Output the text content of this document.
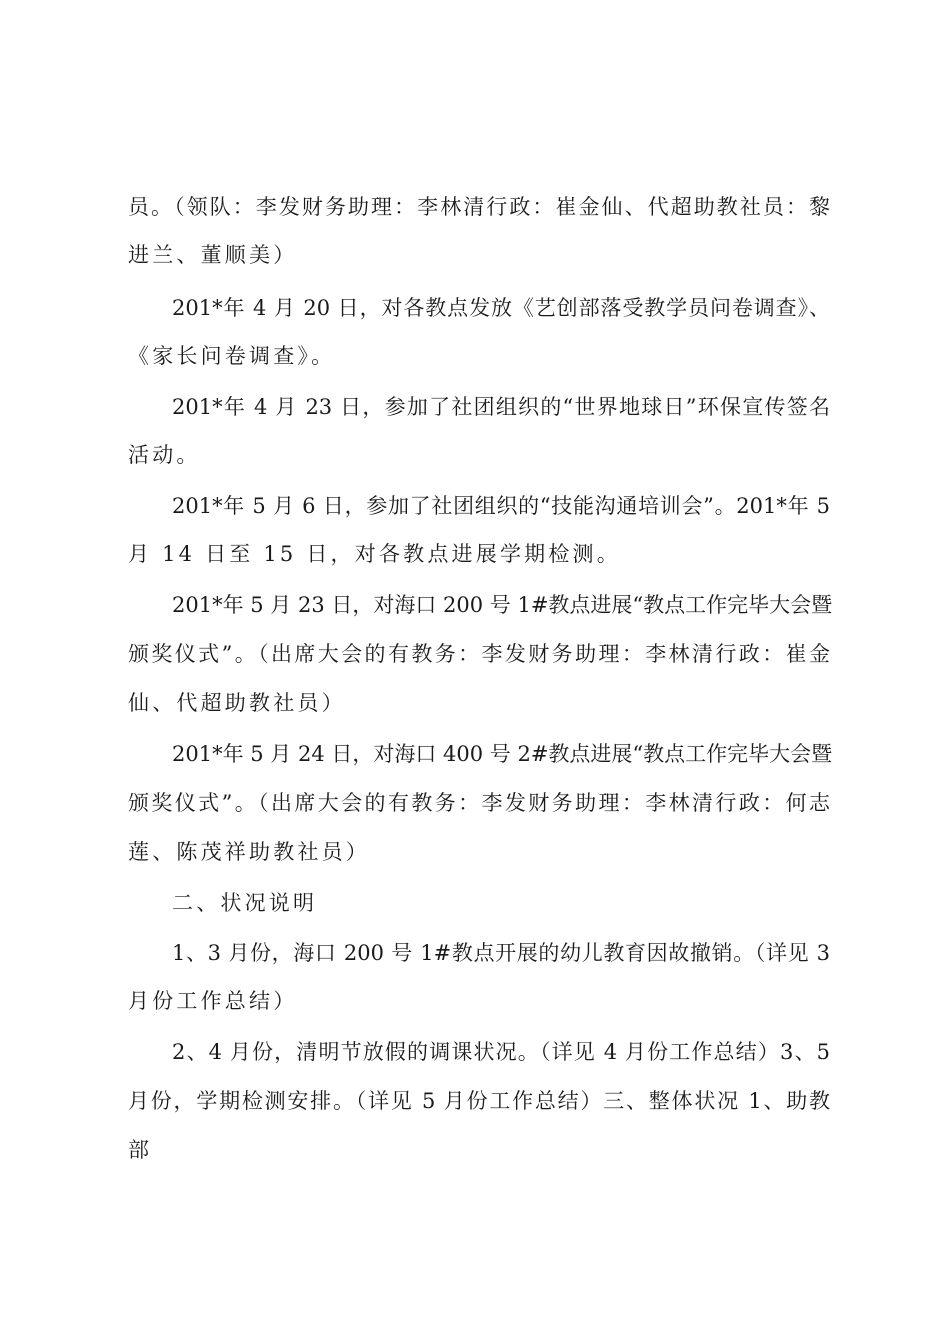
员。（领队：李发财务助理：李林清行政：崔金仙、代超助教社员：黎
进兰、董顺美）
201*年 4 月 20 日，对各教点发放《艺创部落受教学员问卷调查》、
《家长问卷调查》。
201*年 4 月 23 日，参加了社团组织的“世界地球日”环保宣传签名
活动。
201*年 5 月 6 日，参加了社团组织的“技能沟通培训会”。201*年 5
月 14 日至 15 日，对各教点进展学期检测。
201*年 5 月 23 日，对海口 200 号 1#教点进展“教点工作完毕大会暨
颁奖仪式”。（出席大会的有教务：李发财务助理：李林清行政：崔金
仙、代超助教社员）
201*年 5 月 24 日，对海口 400 号 2#教点进展“教点工作完毕大会暨
颁奖仪式”。（出席大会的有教务：李发财务助理：李林清行政：何志
莲、陈茂祥助教社员）
二、状况说明
1、3 月份，海口 200 号 1#教点开展的幼儿教育因故撤销。（详见 3
月份工作总结）
2、4 月份，清明节放假的调课状况。（详见 4 月份工作总结）3、5
月份，学期检测安排。（详见 5 月份工作总结）三、整体状况 1、助教
部
